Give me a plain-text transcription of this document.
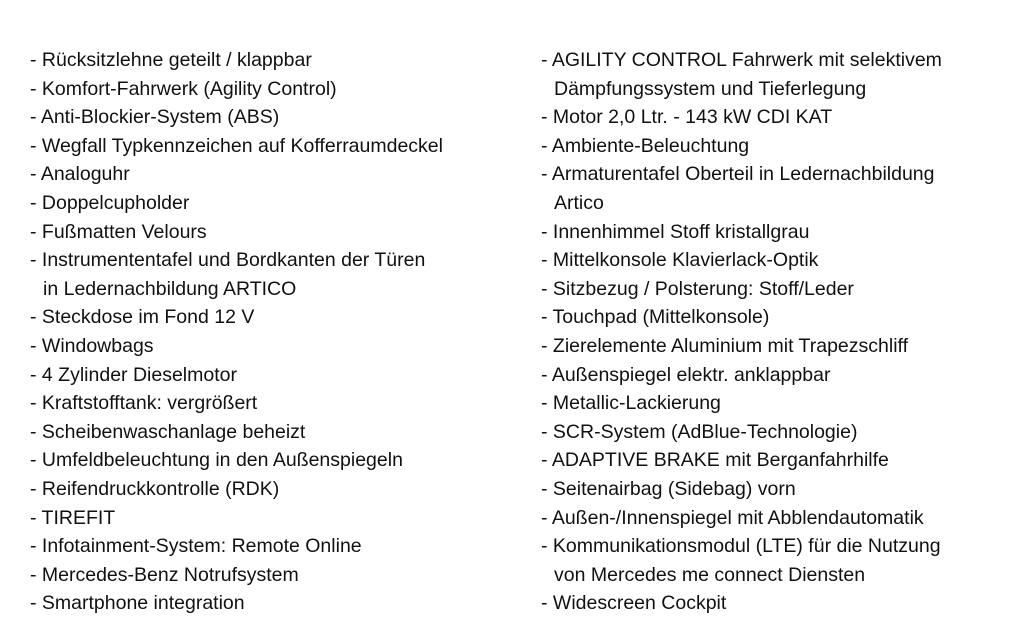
- Rücksitzlehne geteilt / klappbar
- Komfort-Fahrwerk (Agility Control)
- Anti-Blockier-System (ABS)
- Wegfall Typkennzeichen auf Kofferraumdeckel
- Analoguhr
- Doppelcupholder
- Fußmatten Velours
- Instrumententafel und Bordkanten der Türen
in Ledernachbildung ARTICO
- Steckdose im Fond 12 V
- Windowbags
- 4 Zylinder Dieselmotor
- Kraftstofftank: vergrößert
- Scheibenwaschanlage beheizt
- Umfeldbeleuchtung in den Außenspiegeln
- Reifendruckkontrolle (RDK)
- TIREFIT
- Infotainment-System: Remote Online
- Mercedes-Benz Notrufsystem
- Smartphone integration
- AGILITY CONTROL Fahrwerk mit selektivem
Dämpfungssystem und Tieferlegung
- Motor 2,0 Ltr. - 143 kW CDI KAT
- Ambiente-Beleuchtung
- Armaturentafel Oberteil in Ledernachbildung
Artico
- Innenhimmel Stoff kristallgrau
- Mittelkonsole Klavierlack-Optik
- Sitzbezug / Polsterung: Stoff/Leder
- Touchpad (Mittelkonsole)
- Zierelemente Aluminium mit Trapezschliff
- Außenspiegel elektr. anklappbar
- Metallic-Lackierung
- SCR-System (AdBlue-Technologie)
- ADAPTIVE BRAKE mit Berganfahrhilfe
- Seitenairbag (Sidebag) vorn
- Außen-/Innenspiegel mit Abblendautomatik
- Kommunikationsmodul (LTE) für die Nutzung
von Mercedes me connect Diensten
- Widescreen Cockpit
